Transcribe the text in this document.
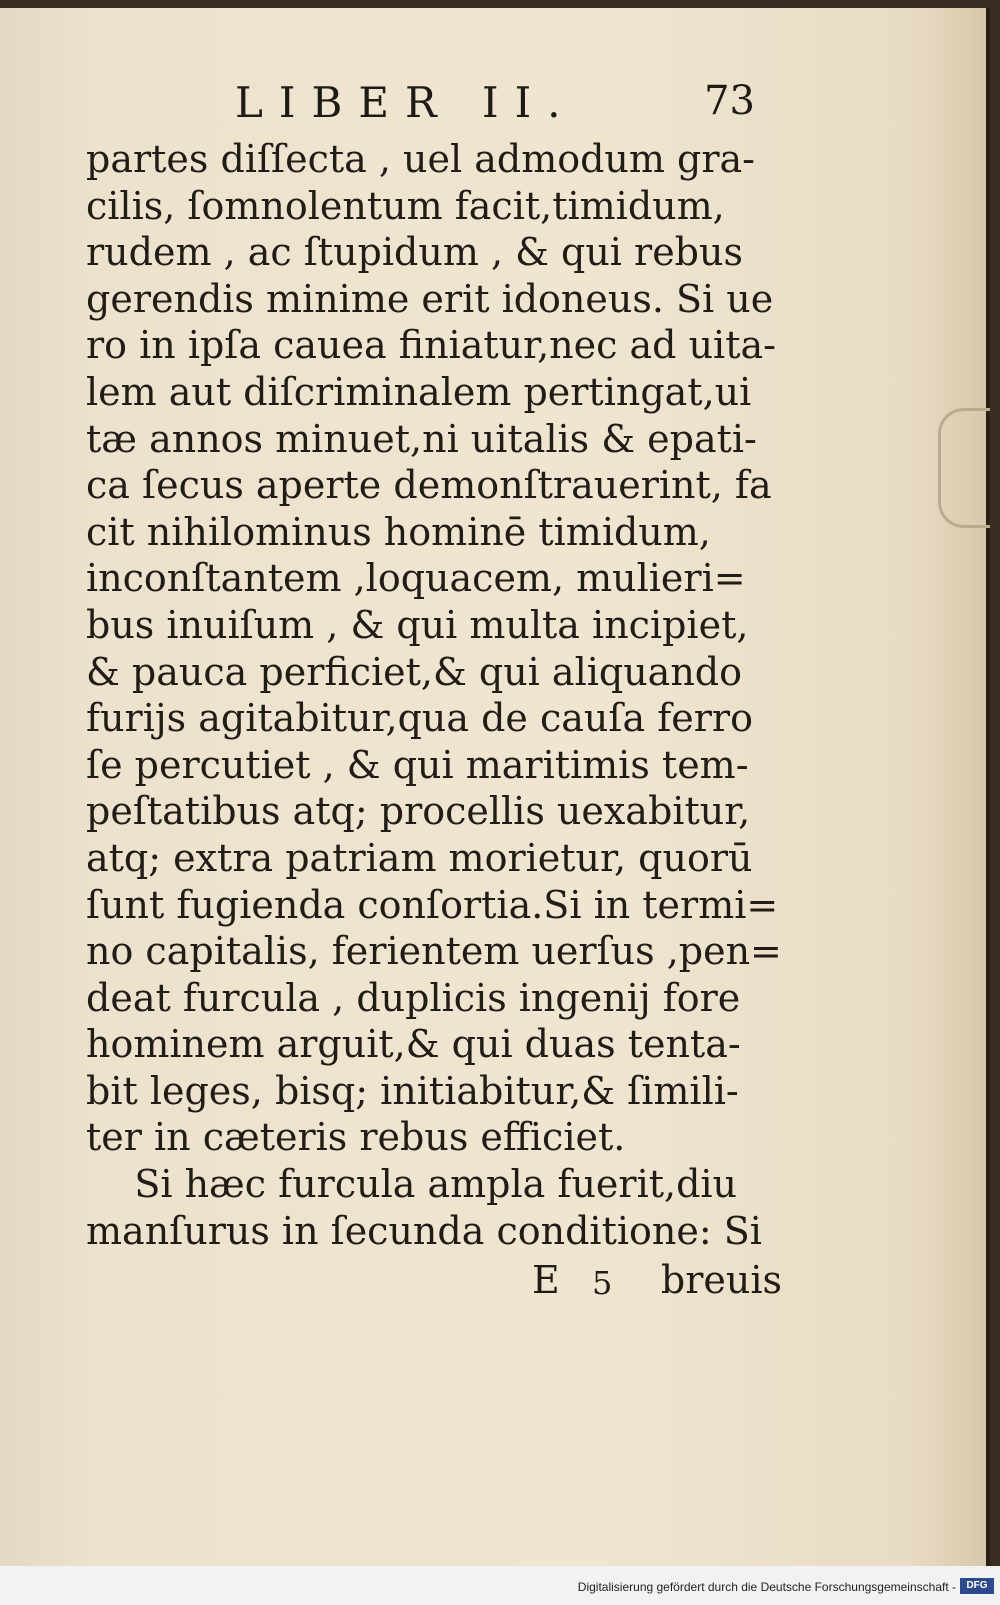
LIBER II.	73
partes diſſecta , uel admodum gra-
cilis, ſomnolentum facit,timidum,
rudem , ac ſtupidum , & qui rebus
gerendis minime erit idoneus. Si ue
ro in ipſa cauea finiatur,nec ad uita-
lem aut diſcriminalem pertingat,ui
tæ annos minuet,ni uitalis & epati-
ca ſecus aperte demonſtrauerint, fa
cit nihilominus hominē timidum,
inconſtantem ,loquacem, mulieri=
bus inuiſum , & qui multa incipiet,
& pauca perficiet,& qui aliquando
furijs agitabitur,qua de cauſa ferro
ſe percutiet , & qui maritimis tem-
peſtatibus atq; procellis uexabitur,
atq; extra patriam morietur, quorū
ſunt fugienda conſortia.Si in termi=
no capitalis, ferientem uerſus ,pen=
deat furcula , duplicis ingenij fore
hominem arguit,& qui duas tenta-
bit leges, bisq; initiabitur,& ſimili-
ter in cæteris rebus efficiet.
Si hæc furcula ampla fuerit,diu
manſurus in ſecunda conditione: Si
E 5 breuis
Digitalisierung gefördert durch die Deutsche Forschungsgemeinschaft -	DFG
